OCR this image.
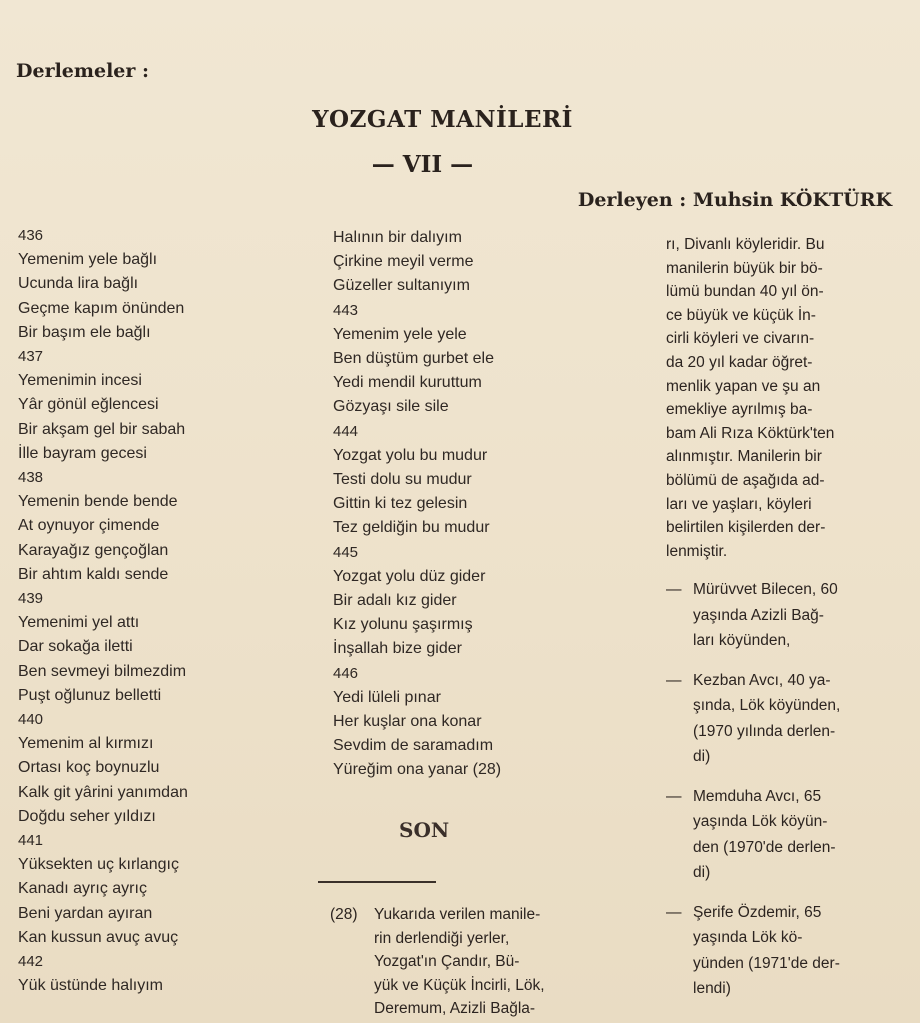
Derlemeler :
YOZGAT MANİLERİ
— VII —
Derleyen : Muhsin KÖKTÜRK
436
Yemenim yele bağlı
Ucunda lira bağlı
Geçme kapım önünden
Bir başım ele bağlı
437
Yemenimin incesi
Yâr gönül eğlencesi
Bir akşam gel bir sabah
İlle bayram gecesi
438
Yemenin bende bende
At oynuyor çimende
Karayağız gençoğlan
Bir ahtım kaldı sende
439
Yemenimi yel attı
Dar sokağa iletti
Ben sevmeyi bilmezdim
Puşt oğlunuz belletti
440
Yemenim al kırmızı
Ortası koç boynuzlu
Kalk git yârini yanımdan
Doğdu seher yıldızı
441
Yüksekten uç kırlangıç
Kanadı ayrıç ayrıç
Beni yardan ayıran
Kan kussun avuç avuç
442
Yük üstünde halıyım
Halının bir dalıyım
Çirkine meyil verme
Güzeller sultanıyım
443
Yemenim yele yele
Ben düştüm gurbet ele
Yedi mendil kuruttum
Gözyaşı sile sile
444
Yozgat yolu bu mudur
Testi dolu su mudur
Gittin ki tez gelesin
Tez geldiğin bu mudur
445
Yozgat yolu düz gider
Bir adalı kız gider
Kız yolunu şaşırmış
İnşallah bize gider
446
Yedi lüleli pınar
Her kuşlar ona konar
Sevdim de saramadım
Yüreğim ona yanar (28)
SON
(28) Yukarıda verilen manile-
rin derlendiği yerler,
Yozgat'ın Çandır, Bü-
yük ve Küçük İncirli, Lök,
Deremum, Azizli Bağla-
rı, Divanlı köyleridir. Bu
manilerin büyük bir bö-
lümü bundan 40 yıl ön-
ce büyük ve küçük İn-
cirli köyleri ve civarın-
da 20 yıl kadar öğret-
menlik yapan ve şu an
emekliye ayrılmış ba-
bam Ali Rıza Köktürk'ten
alınmıştır. Manilerin bir
bölümü de aşağıda ad-
ları ve yaşları, köyleri
belirtilen kişilerden der-
lenmiştir.
— Mürüvvet Bilecen, 60
yaşında Azizli Bağ-
ları köyünden,
— Kezban Avcı, 40 ya-
şında, Lök köyünden,
(1970 yılında derlen-
di)
— Memduha Avcı, 65
yaşında Lök köyün-
den (1970'de derlen-
di)
— Şerife Özdemir, 65
yaşında Lök kö-
yünden (1971'de der-
lendi)
